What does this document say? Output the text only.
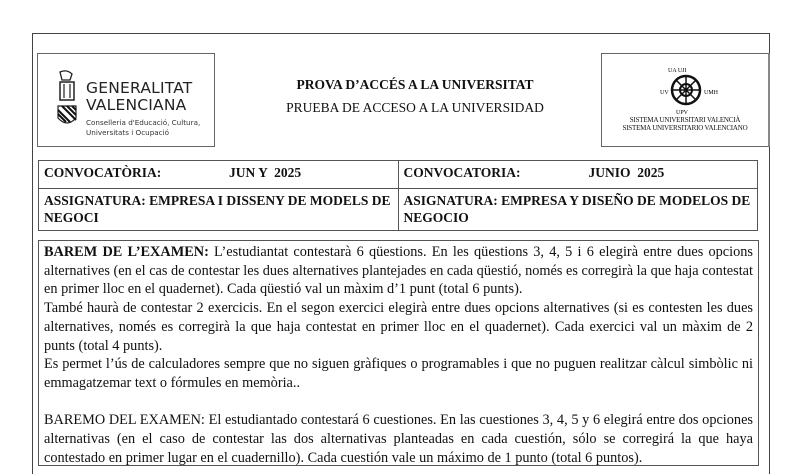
GENERALITAT
VALENCIANA
Conselleria d'Educació, Cultura,
Universitats i Ocupació
PROVA D’ACCÉS A LA UNIVERSITAT
PRUEBA DE ACCESO A LA UNIVERSIDAD
UA UJI
UV	UMH
UPV
SISTEMA UNIVERSITARI VALENCIÀ
SISTEMA UNIVERSITARIO VALENCIANO
CONVOCATÒRIA: JUN Y  2025	CONVOCATORIA: JUNIO  2025

ASSIGNATURA: EMPRESA I DISSENY DE MODELS DE NEGOCI	ASIGNATURA: EMPRESA Y DISEÑO DE MODELOS DE NEGOCIO

BAREM DE L’EXAMEN: L’estudiantat contestarà 6 qüestions. En les qüestions 3, 4, 5 i 6 elegirà entre dues opcions alternatives (en el cas de contestar les dues alternatives plantejades en cada qüestió, només es corregirà la que haja contestat en primer lloc en el quadernet). Cada qüestió val un màxim d’1 punt (total 6 punts).

També haurà de contestar 2 exercicis. En el segon exercici elegirà entre dues opcions alternatives (si es contesten les dues alternatives, només es corregirà la que haja contestat en primer lloc en el quadernet). Cada exercici val un màxim de 2 punts (total 4 punts).

Es permet l’ús de calculadores sempre que no siguen gràfiques o programables i que no puguen realitzar càlcul simbòlic ni emmagatzemar text o fórmules en memòria..

BAREMO DEL EXAMEN: El estudiantado contestará 6 cuestiones. En las cuestiones 3, 4, 5 y 6 elegirá entre dos opciones alternativas (en el caso de contestar las dos alternativas planteadas en cada cuestión, sólo se corregirá la que haya contestado en primer lugar en el cuadernillo). Cada cuestión vale un máximo de 1 punto (total 6 puntos).
